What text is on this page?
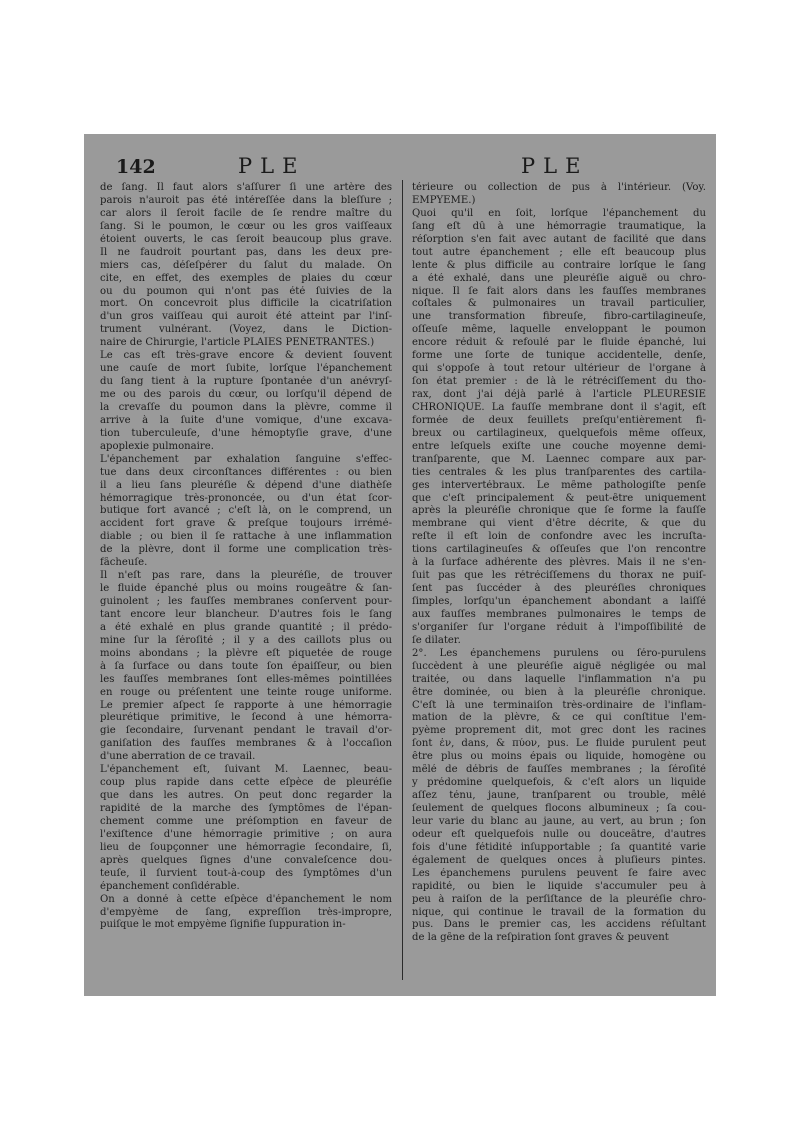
142	PLE	PLE
de ſang. Il faut alors s'aſſurer ſi une artère des
parois n'auroit pas été intéreſſée dans la bleſſure ;
car alors il ſeroit facile de ſe rendre maître du
ſang. Si le poumon, le cœur ou les gros vaiſſeaux
étoient ouverts, le cas ſeroit beaucoup plus grave.
Il ne faudroit pourtant pas, dans les deux pre-
miers cas, déſeſpérer du ſalut du malade. On
cite, en effet, des exemples de plaies du cœur
ou du poumon qui n'ont pas été ſuivies de la
mort. On concevroit plus difficile la cicatriſation
d'un gros vaiſſeau qui auroit été atteint par l'inſ-
trument vulnérant. (Voyez, dans le Diction-
naire de Chirurgie, l'article PLAIES PÉNÉTRANTES.)
Le cas eſt très-grave encore & devient ſouvent
une cauſe de mort ſubite, lorſque l'épanchement
du ſang tient à la rupture ſpontanée d'un anévryſ-
me ou des parois du cœur, ou lorſqu'il dépend de
la crevaſſe du poumon dans la plèvre, comme il
arrive à la ſuite d'une vomique, d'une excava-
tion tuberculeuſe, d'une hémoptyſie grave, d'une
apoplexie pulmonaire.
L'épanchement par exhalation ſanguine s'effec-
tue dans deux circonſtances différentes : ou bien
il a lieu ſans pleuréſie & dépend d'une diathèſe
hémorragique très-prononcée, ou d'un état ſcor-
butique fort avancé ; c'eſt là, on le comprend, un
accident fort grave & preſque toujours irrémé-
diable ; ou bien il ſe rattache à une inflammation
de la plèvre, dont il forme une complication très-
fâcheuſe.
Il n'eſt pas rare, dans la pleuréſie, de trouver
le fluide épanché plus ou moins rougeâtre & ſan-
guinolent ; les fauſſes membranes conſervent pour-
tant encore leur blancheur. D'autres fois le ſang
a été exhalé en plus grande quantité ; il prédo-
mine ſur la ſéroſité ; il y a des caillots plus ou
moins abondans ; la plèvre eſt piquetée de rouge
à ſa ſurface ou dans toute ſon épaiſſeur, ou bien
les fauſſes membranes ſont elles-mêmes pointillées
en rouge ou préſentent une teinte rouge uniforme.
Le premier aſpect ſe rapporte à une hémorragie
pleurétique primitive, le ſecond à une hémorra-
gie ſecondaire, ſurvenant pendant le travail d'or-
ganiſation des fauſſes membranes & à l'occaſion
d'une aberration de ce travail.
L'épanchement eſt, ſuivant M. Laennec, beau-
coup plus rapide dans cette eſpèce de pleuréſie
que dans les autres. On peut donc regarder la
rapidité de la marche des ſymptômes de l'épan-
chement comme une préſomption en faveur de
l'exiſtence d'une hémorragie primitive ; on aura
lieu de ſoupçonner une hémorragie ſecondaire, ſi,
après quelques ſignes d'une convaleſcence dou-
teuſe, il ſurvient tout-à-coup des ſymptômes d'un
épanchement conſidérable.
On a donné à cette eſpèce d'épanchement le nom
d'empyème de ſang, expreſſion très-impropre,
puiſque le mot empyème ſignifie ſuppuration in-
térieure ou collection de pus à l'intérieur. (Voy.
EMPYÈME.)
Quoi qu'il en ſoit, lorſque l'épanchement du
ſang eſt dû à une hémorragie traumatique, la
réſorption s'en fait avec autant de facilité que dans
tout autre épanchement ; elle eſt beaucoup plus
lente & plus difficile au contraire lorſque le ſang
a été exhalé, dans une pleuréſie aiguë ou chro-
nique. Il ſe fait alors dans les fauſſes membranes
coſtales & pulmonaires un travail particulier,
une transformation fibreuſe, fibro-cartilagineuſe,
oſſeuſe même, laquelle enveloppant le poumon
encore réduit & refoulé par le fluide épanché, lui
forme une ſorte de tunique accidentelle, denſe,
qui s'oppoſe à tout retour ultérieur de l'organe à
ſon état premier : de là le rétréciſſement du tho-
rax, dont j'ai déjà parlé à l'article PLEURÉSIE
CHRONIQUE. La fauſſe membrane dont il s'agit, eſt
formée de deux feuillets preſqu'entièrement fi-
breux ou cartilagineux, quelquefois même oſſeux,
entre leſquels exiſte une couche moyenne demi-
tranſparente, que M. Laennec compare aux par-
ties centrales & les plus tranſparentes des cartila-
ges intervertébraux. Le même pathologiſte penſe
que c'eſt principalement & peut-être uniquement
après la pleuréſie chronique que ſe forme la fauſſe
membrane qui vient d'être décrite, & que du
reſte il eſt loin de confondre avec les incruſta-
tions cartilagineuſes & oſſeuſes que l'on rencontre
à la ſurface adhérente des plèvres. Mais il ne s'en-
ſuit pas que les rétréciſſemens du thorax ne puiſ-
ſent pas ſuccéder à des pleuréſies chroniques
ſimples, lorſqu'un épanchement abondant a laiſſé
aux fauſſes membranes pulmonaires le temps de
s'organiſer ſur l'organe réduit à l'impoſſibilité de
ſe dilater.
2°. Les épanchemens purulens ou ſéro-purulens
ſuccèdent à une pleuréſie aiguë négligée ou mal
traitée, ou dans laquelle l'inflammation n'a pu
être dominée, ou bien à la pleuréſie chronique.
C'eſt là une terminaiſon très-ordinaire de l'inflam-
mation de la plèvre, & ce qui conſtitue l'em-
pyème proprement dit, mot grec dont les racines
ſont ἐν, dans, & πύον, pus. Le fluide purulent peut
être plus ou moins épais ou liquide, homogène ou
mêlé de débris de fauſſes membranes ; la ſéroſité
y prédomine quelquefois, & c'eſt alors un liquide
aſſez ténu, jaune, tranſparent ou trouble, mêlé
ſeulement de quelques flocons albumineux ; ſa cou-
leur varie du blanc au jaune, au vert, au brun ; ſon
odeur eſt quelquefois nulle ou douceâtre, d'autres
fois d'une fétidité inſupportable ; ſa quantité varie
également de quelques onces à pluſieurs pintes.
Les épanchemens purulens peuvent ſe faire avec
rapidité, ou bien le liquide s'accumuler peu à
peu à raiſon de la perſiſtance de la pleuréſie chro-
nique, qui continue le travail de la formation du
pus. Dans le premier cas, les accidens réſultant
de la gêne de la reſpiration ſont graves & peuvent
